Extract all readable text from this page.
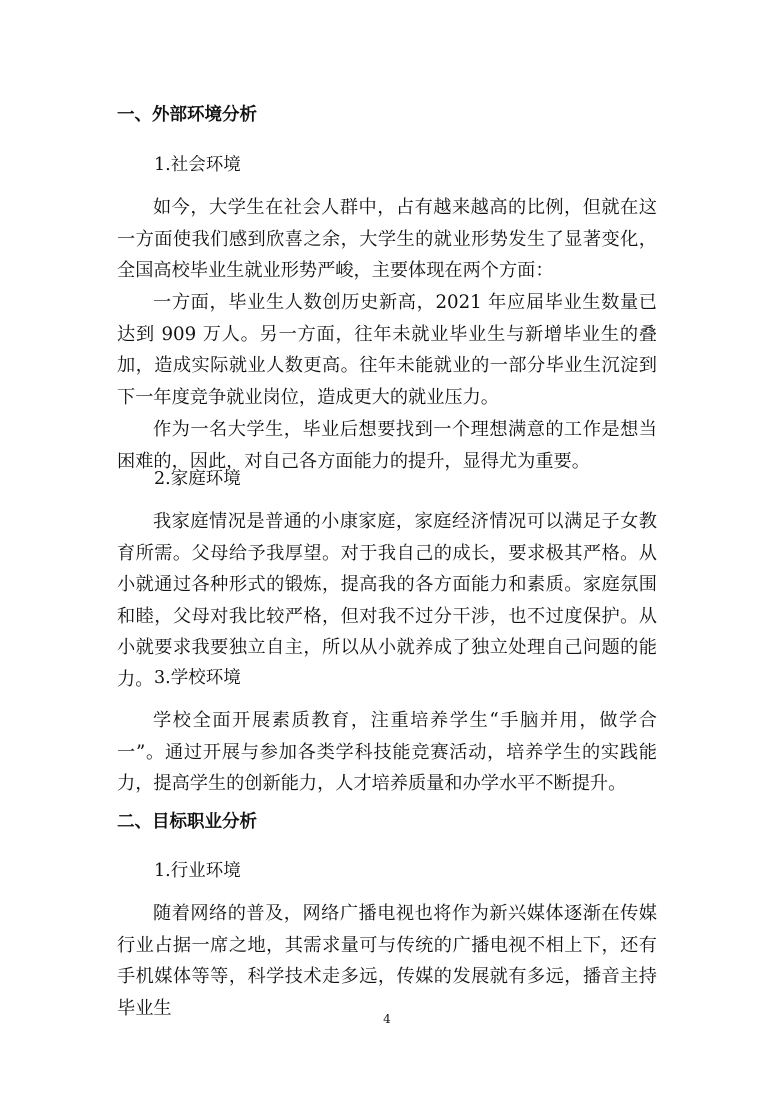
一、外部环境分析
1.社会环境

如今，大学生在社会人群中，占有越来越高的比例，但就在这一方面使我们感到欣喜之余，大学生的就业形势发生了显著变化，全国高校毕业生就业形势严峻，主要体现在两个方面：

一方面，毕业生人数创历史新高，2021 年应届毕业生数量已达到 909 万人。另一方面，往年未就业毕业生与新增毕业生的叠加，造成实际就业人数更高。往年未能就业的一部分毕业生沉淀到下一年度竞争就业岗位，造成更大的就业压力。

作为一名大学生，毕业后想要找到一个理想满意的工作是想当困难的，因此，对自己各方面能力的提升，显得尤为重要。

2.家庭环境

我家庭情况是普通的小康家庭，家庭经济情况可以满足子女教育所需。父母给予我厚望。对于我自己的成长，要求极其严格。从小就通过各种形式的锻炼，提高我的各方面能力和素质。家庭氛围和睦，父母对我比较严格，但对我不过分干涉，也不过度保护。从小就要求我要独立自主，所以从小就养成了独立处理自己问题的能力。 3.学校环境

学校全面开展素质教育，注重培养学生“手脑并用，做学合一”。通过开展与参加各类学科技能竞赛活动，培养学生的实践能力，提高学生的创新能力，人才培养质量和办学水平不断提升。

二、目标职业分析
1.行业环境

随着网络的普及，网络广播电视也将作为新兴媒体逐渐在传媒行业占据一席之地，其需求量可与传统的广播电视不相上下，还有手机媒体等等，科学技术走多远，传媒的发展就有多远，播音主持毕业生

4
